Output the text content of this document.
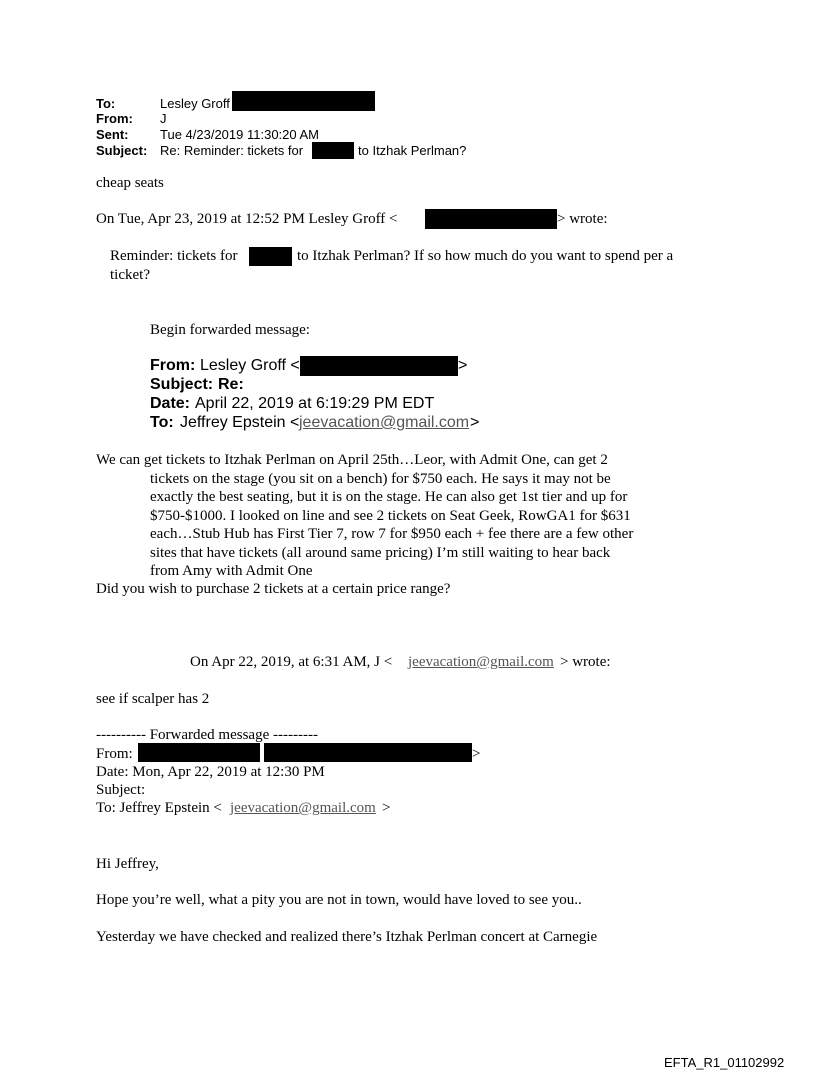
To:	Lesley Groff
From: J
Sent: Tue 4/23/2019 11:30:20 AM
Subject: Re: Reminder: tickets for	to Itzhak Perlman?
cheap seats
On Tue, Apr 23, 2019 at 12:52 PM Lesley Groff <	> wrote:
Reminder: tickets for	to Itzhak Perlman? If so how much do you want to spend per a
ticket?
Begin forwarded message:
From: Lesley Groff <	>
Subject: Re:
Date: April 22, 2019 at 6:19:29 PM EDT
To: Jeffrey Epstein < jeevacation@gmail.com >
We can get tickets to Itzhak Perlman on April 25th…Leor, with Admit One, can get 2
tickets on the stage (you sit on a bench) for $750 each. He says it may not be
exactly the best seating, but it is on the stage. He can also get 1st tier and up for
$750-$1000. I looked on line and see 2 tickets on Seat Geek, RowGA1 for $631
each…Stub Hub has First Tier 7, row 7 for $950 each + fee there are a few other
sites that have tickets (all around same pricing) I’m still waiting to hear back
from Amy with Admit One
Did you wish to purchase 2 tickets at a certain price range?
On Apr 22, 2019, at 6:31 AM, J < jeevacation@gmail.com > wrote:
see if scalper has 2
---------- Forwarded message ---------
From:	>
Date: Mon, Apr 22, 2019 at 12:30 PM
Subject:
To: Jeffrey Epstein < jeevacation@gmail.com >
Hi Jeffrey,
Hope you’re well, what a pity you are not in town, would have loved to see you..
Yesterday we have checked and realized there’s Itzhak Perlman concert at Carnegie
EFTA_R1_01102992
